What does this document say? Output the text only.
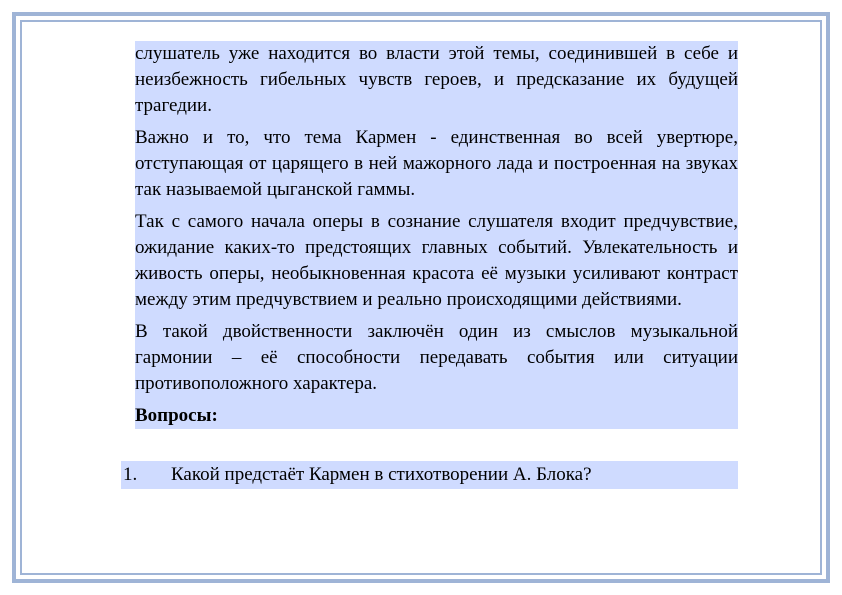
слушатель уже находится во власти этой темы, соединившей в себе и неизбежность гибельных чувств героев, и предсказание их будущей трагедии.

Важно и то, что тема Кармен - единственная во всей увертюре, отступающая от царящего в ней мажорного лада и построенная на звуках так называемой цыганской гаммы.

Так с самого начала оперы в сознание слушателя входит предчувствие, ожидание каких-то предстоящих главных событий. Увлекательность и живость оперы, необыкновенная красота её музыки усиливают контраст между этим предчувствием и реально происходящими действиями.

В такой двойственности заключён один из смыслов музыкальной гармонии – её способности передавать события или ситуации противоположного характера.

Вопросы:
1. Какой предстаёт Кармен в стихотворении А. Блока?
